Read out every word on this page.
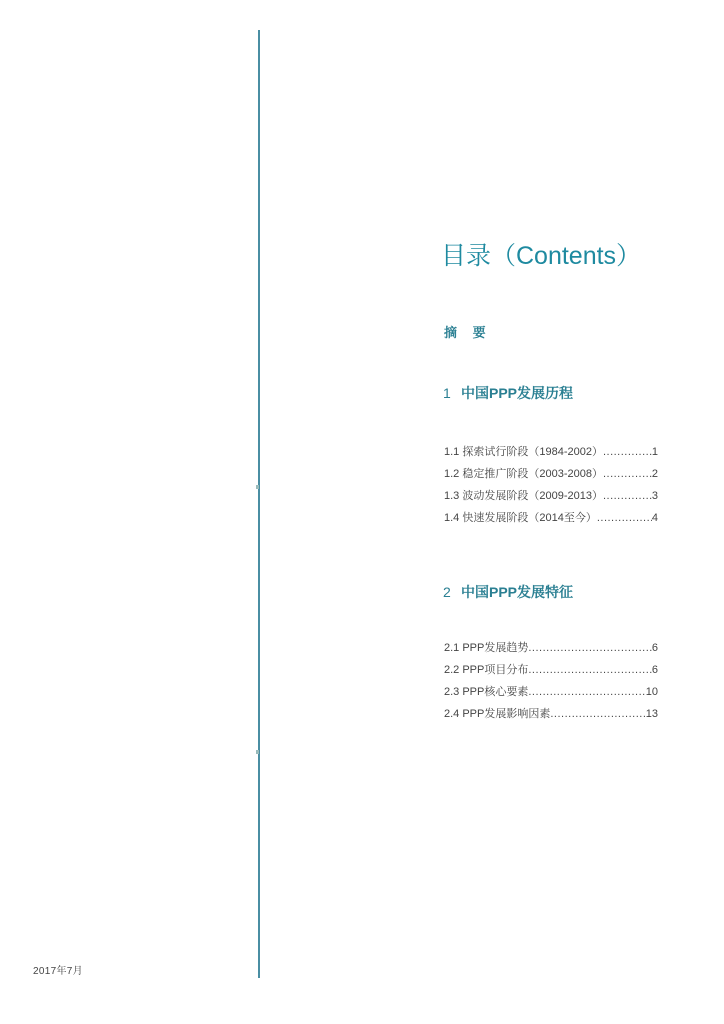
2017年7月
目录（Contents）
摘 要
1 中国PPP发展历程
1.1 探索试行阶段（1984-2002） .....	1
1.2 稳定推广阶段（2003-2008） .....	2
1.3 波动发展阶段（2009-2013） .....	3
1.4 快速发展阶段（2014至今） .....	4
2 中国PPP发展特征
2.1 PPP发展趋势 .....	6
2.2 PPP项目分布 .....	6
2.3 PPP核心要素 .....	10
2.4 PPP发展影响因素 .....	13
